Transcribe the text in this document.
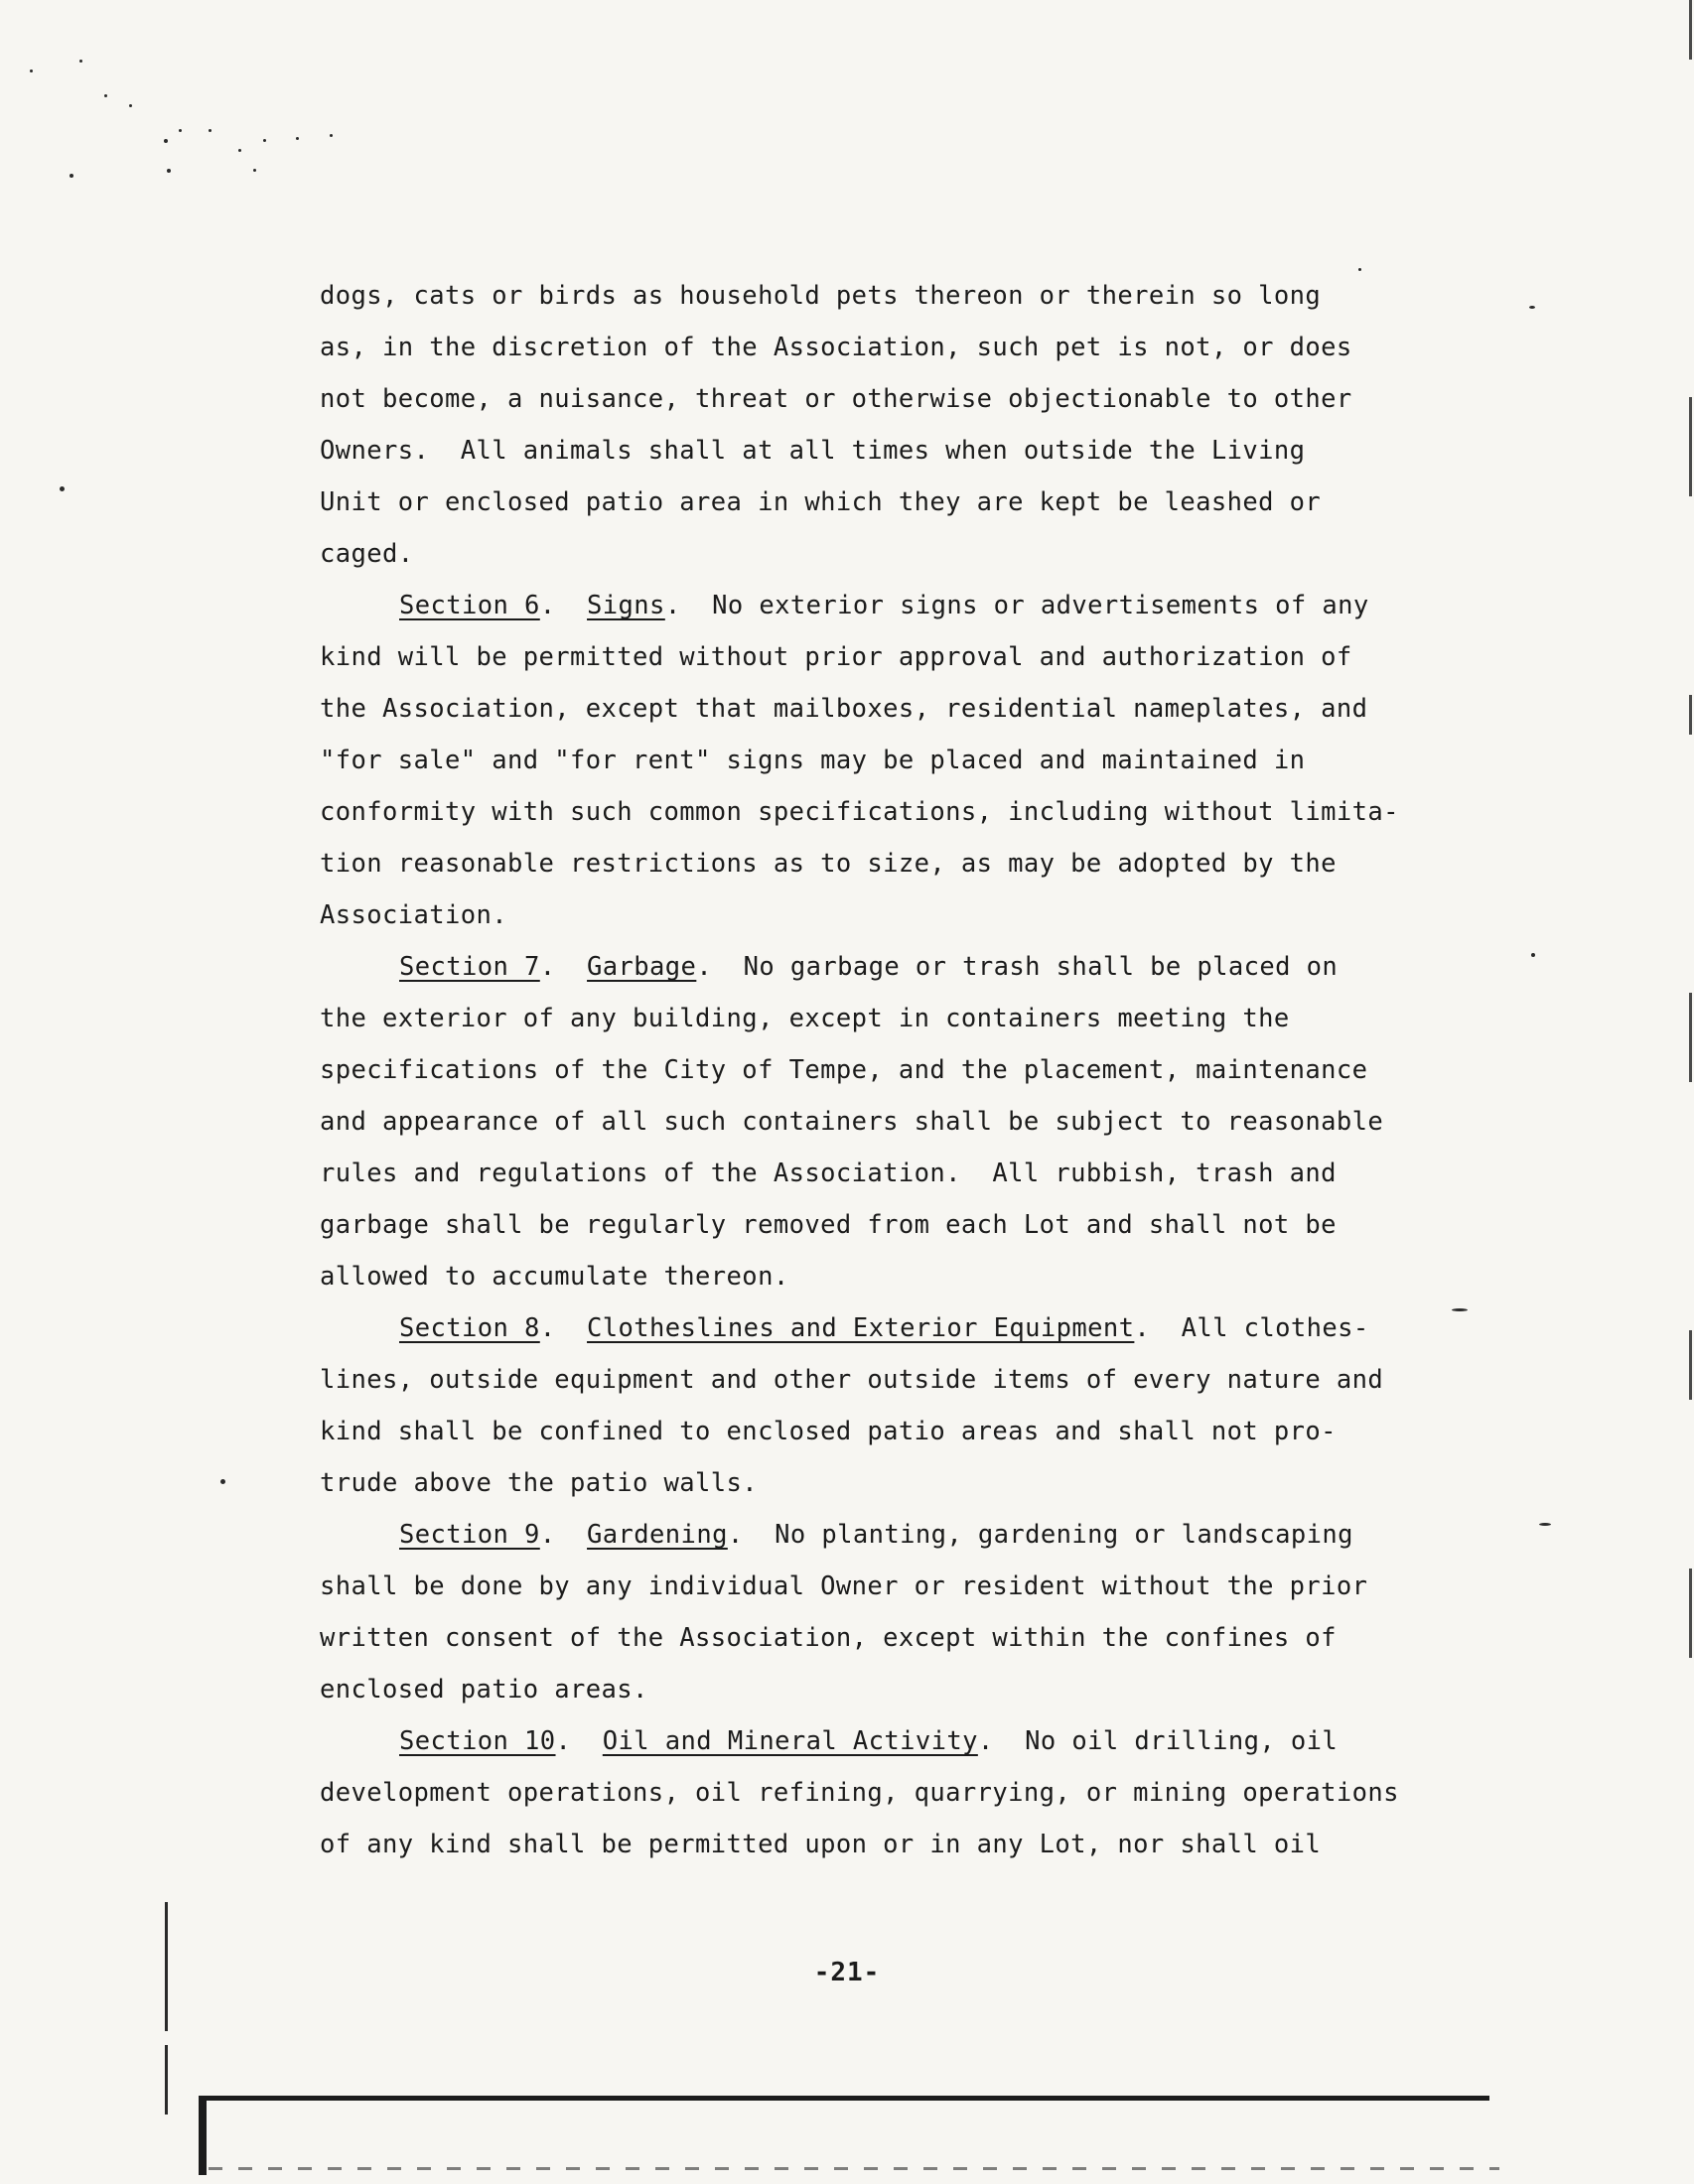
dogs, cats or birds as household pets thereon or therein so long
as, in the discretion of the Association, such pet is not, or does
not become, a nuisance, threat or otherwise objectionable to other
Owners.  All animals shall at all times when outside the Living
Unit or enclosed patio area in which they are kept be leashed or
caged.
Section 6.  Signs.  No exterior signs or advertisements of any
kind will be permitted without prior approval and authorization of
the Association, except that mailboxes, residential nameplates, and
"for sale" and "for rent" signs may be placed and maintained in
conformity with such common specifications, including without limita-
tion reasonable restrictions as to size, as may be adopted by the
Association.
Section 7.  Garbage.  No garbage or trash shall be placed on
the exterior of any building, except in containers meeting the
specifications of the City of Tempe, and the placement, maintenance
and appearance of all such containers shall be subject to reasonable
rules and regulations of the Association.  All rubbish, trash and
garbage shall be regularly removed from each Lot and shall not be
allowed to accumulate thereon.
Section 8.  Clotheslines and Exterior Equipment.  All clothes-
lines, outside equipment and other outside items of every nature and
kind shall be confined to enclosed patio areas and shall not pro-
trude above the patio walls.
Section 9.  Gardening.  No planting, gardening or landscaping
shall be done by any individual Owner or resident without the prior
written consent of the Association, except within the confines of
enclosed patio areas.
Section 10.  Oil and Mineral Activity.  No oil drilling, oil
development operations, oil refining, quarrying, or mining operations
of any kind shall be permitted upon or in any Lot, nor shall oil
-21-
